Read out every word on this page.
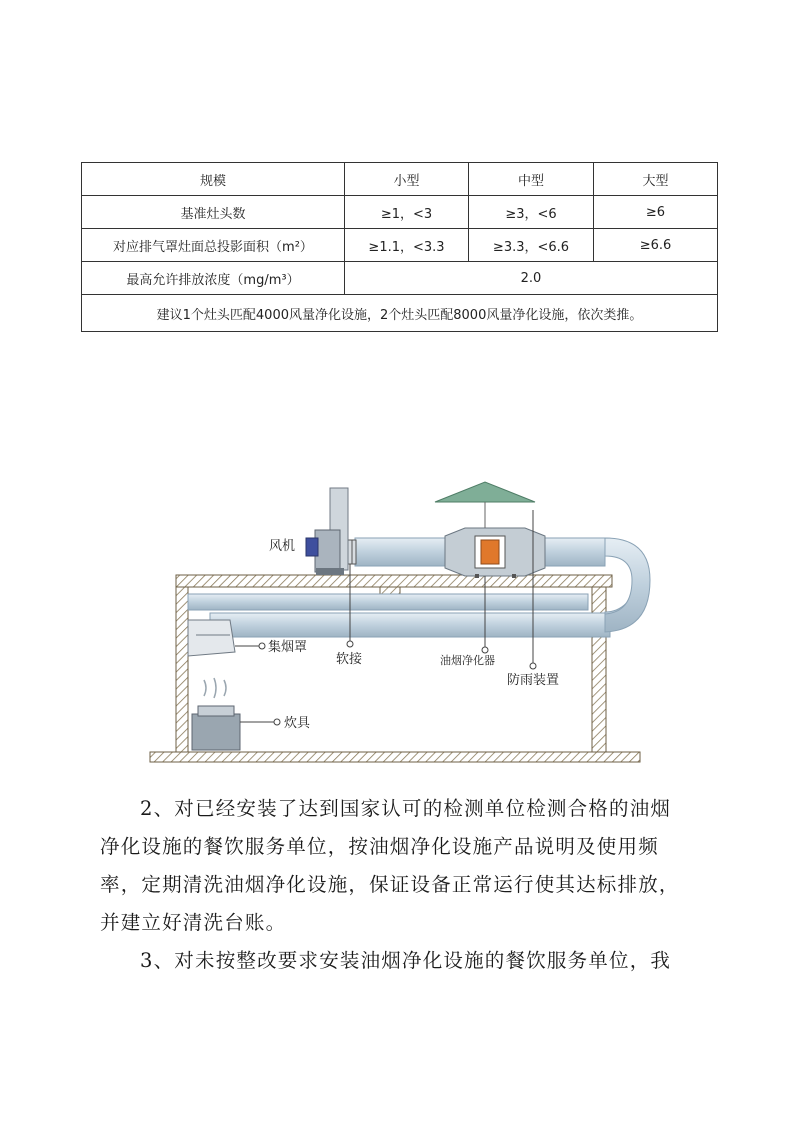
规模	小型	中型	大型
基准灶头数	≥1，<3	≥3，<6	≥6
对应排气罩灶面总投影面积（m²）	≥1.1，<3.3	≥3.3，<6.6	≥6.6
最高允许排放浓度（mg/m³）	2.0		
建议1个灶头匹配4000风量净化设施，2个灶头匹配8000风量净化设施，依次类推。			
风机
集烟罩
软接	油烟净化器
防雨装置
炊具
2、对已经安装了达到国家认可的检测单位检测合格的油烟
净化设施的餐饮服务单位，按油烟净化设施产品说明及使用频
率，定期清洗油烟净化设施，保证设备正常运行使其达标排放，
并建立好清洗台账。
3、对未按整改要求安装油烟净化设施的餐饮服务单位，我
